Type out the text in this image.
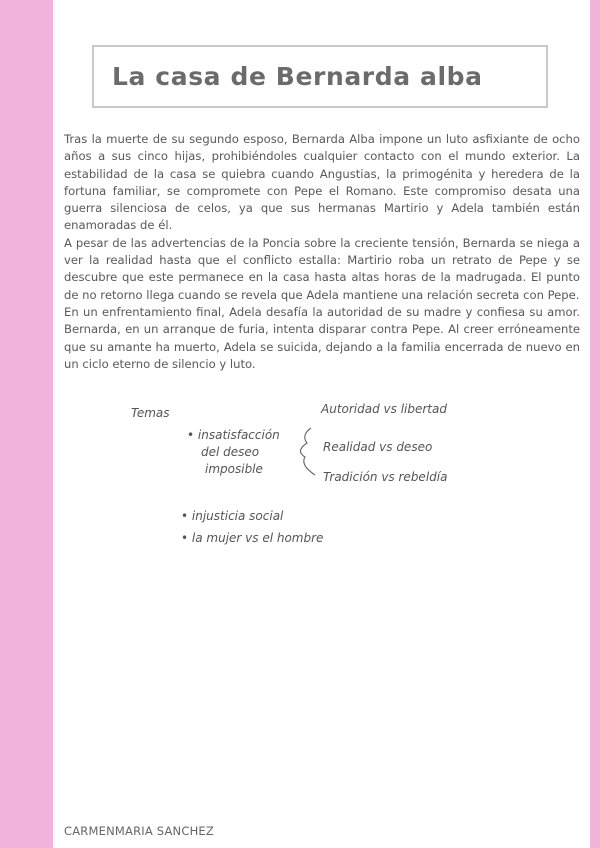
La casa de Bernarda alba

Tras la muerte de su segundo esposo, Bernarda Alba impone un luto asfixiante de ocho años a sus cinco hijas, prohibiéndoles cualquier contacto con el mundo exterior. La estabilidad de la casa se quiebra cuando Angustias, la primogénita y heredera de la fortuna familiar, se compromete con Pepe el Romano. Este compromiso desata una guerra silenciosa de celos, ya que sus hermanas Martirio y Adela también están enamoradas de él.

A pesar de las advertencias de la Poncia sobre la creciente tensión, Bernarda se niega a ver la realidad hasta que el conflicto estalla: Martirio roba un retrato de Pepe y se descubre que este permanece en la casa hasta altas horas de la madrugada. El punto de no retorno llega cuando se revela que Adela mantiene una relación secreta con Pepe.

En un enfrentamiento final, Adela desafía la autoridad de su madre y confiesa su amor. Bernarda, en un arranque de furia, intenta disparar contra Pepe. Al creer erróneamente que su amante ha muerto, Adela se suicida, dejando a la familia encerrada de nuevo en un ciclo eterno de silencio y luto.

Temas
• insatisfacción
del deseo
imposible
Autoridad vs libertad
Realidad vs deseo
Tradición vs rebeldía
• injusticia social
• la mujer vs el hombre
CARMENMARIA SANCHEZ
